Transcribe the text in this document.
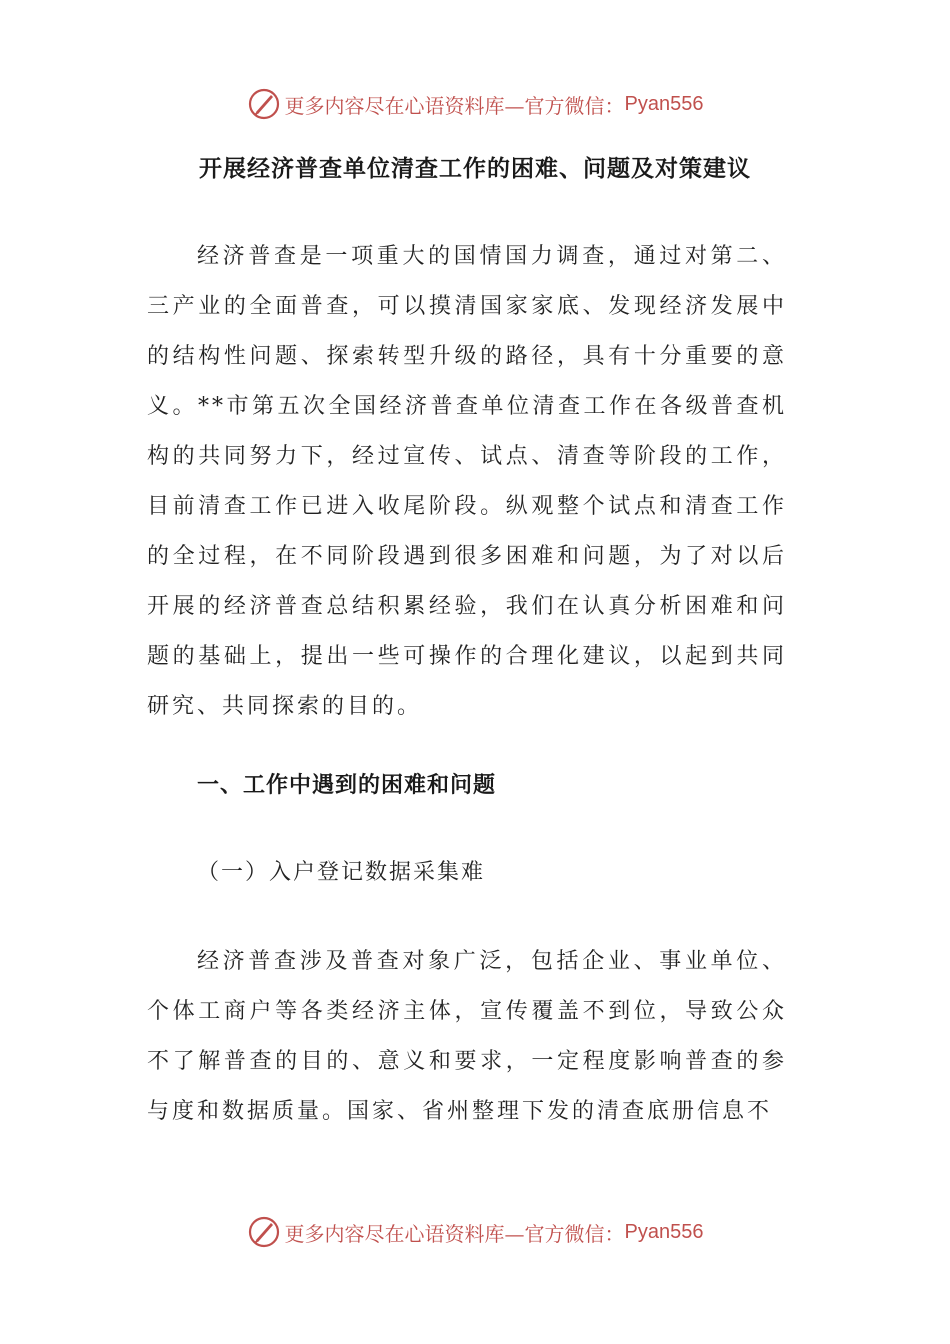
更多内容尽在心语资料库—官方微信： Pyan556
开展经济普查单位清查工作的困难、问题及对策建议

经济普查是一项重大的国情国力调查，通过对第二、三产业的全面普查，可以摸清国家家底、发现经济发展中的结构性问题、探索转型升级的路径，具有十分重要的意义。**市第五次全国经济普查单位清查工作在各级普查机构的共同努力下，经过宣传、试点、清查等阶段的工作，目前清查工作已进入收尾阶段。纵观整个试点和清查工作的全过程，在不同阶段遇到很多困难和问题，为了对以后开展的经济普查总结积累经验，我们在认真分析困难和问题的基础上，提出一些可操作的合理化建议，以起到共同研究、共同探索的目的。

一、工作中遇到的困难和问题
（一）入户登记数据采集难

经济普查涉及普查对象广泛，包括企业、事业单位、个体工商户等各类经济主体，宣传覆盖不到位，导致公众不了解普查的目的、意义和要求，一定程度影响普查的参与度和数据质量。国家、省州整理下发的清查底册信息不

更多内容尽在心语资料库—官方微信： Pyan556
